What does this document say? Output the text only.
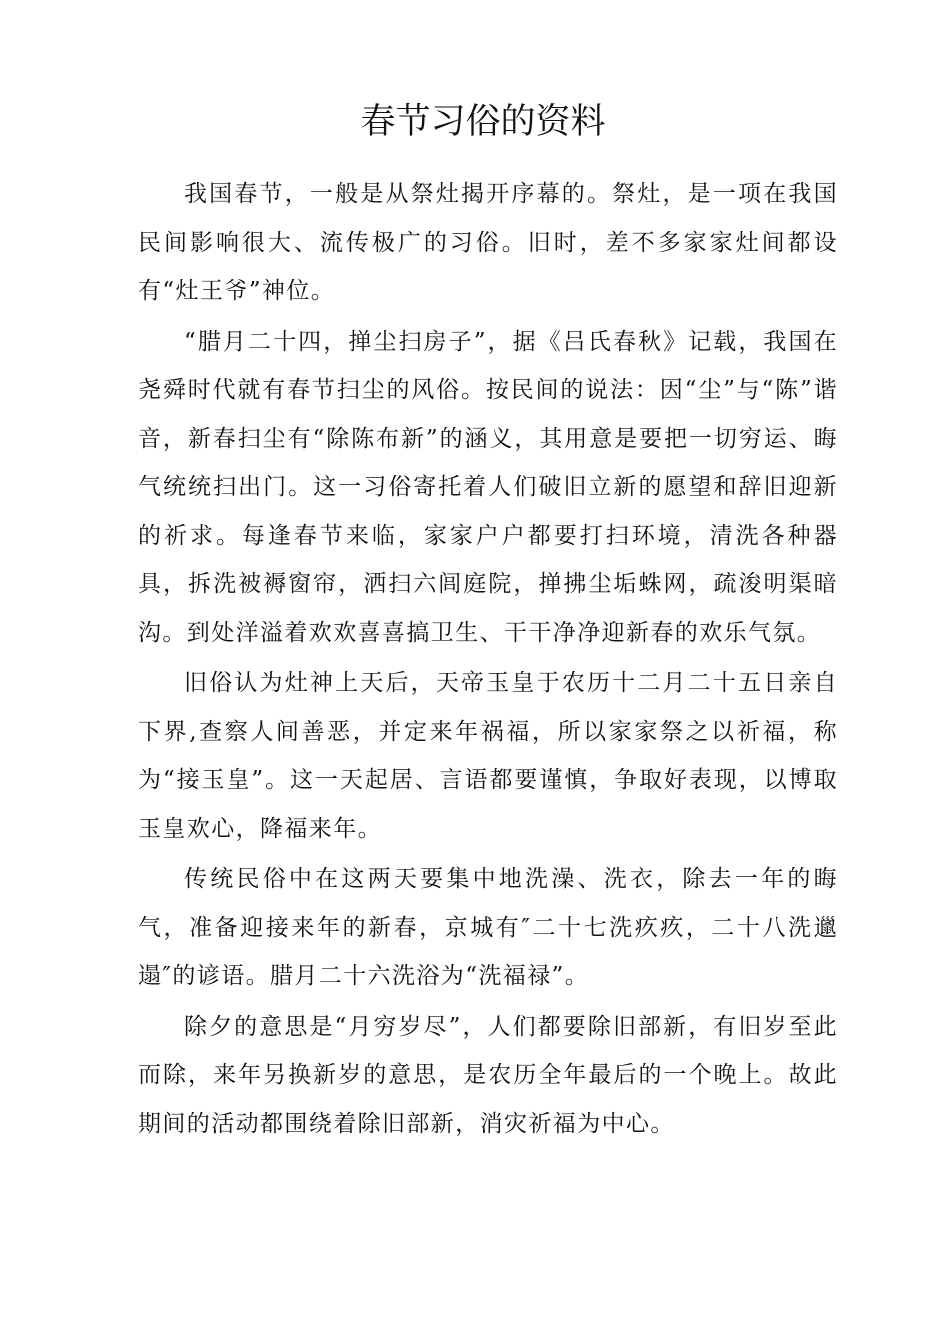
春节习俗的资料

我国春节，一般是从祭灶揭开序幕的。祭灶，是一项在我国民间影响很大、流传极广的习俗。旧时，差不多家家灶间都设有“灶王爷”神位。

“腊月二十四，掸尘扫房子”，据《吕氏春秋》记载，我国在尧舜时代就有春节扫尘的风俗。按民间的说法：因“尘”与“陈”谐音，新春扫尘有“除陈布新”的涵义，其用意是要把一切穷运、晦气统统扫出门。这一习俗寄托着人们破旧立新的愿望和辞旧迎新的祈求。每逢春节来临，家家户户都要打扫环境，清洗各种器具，拆洗被褥窗帘，洒扫六闾庭院，掸拂尘垢蛛网，疏浚明渠暗沟。到处洋溢着欢欢喜喜搞卫生、干干净净迎新春的欢乐气氛。

旧俗认为灶神上天后，天帝玉皇于农历十二月二十五日亲自下界,查察人间善恶，并定来年祸福，所以家家祭之以祈福，称为“接玉皇”。这一天起居、言语都要谨慎，争取好表现，以博取玉皇欢心，降福来年。

传统民俗中在这两天要集中地洗澡、洗衣，除去一年的晦气，准备迎接来年的新春，京城有″二十七洗疚疚，二十八洗邋遢″的谚语。腊月二十六洗浴为“洗福禄”。

除夕的意思是“月穷岁尽”，人们都要除旧部新，有旧岁至此而除，来年另换新岁的意思，是农历全年最后的一个晚上。故此期间的活动都围绕着除旧部新，消灾祈福为中心。
